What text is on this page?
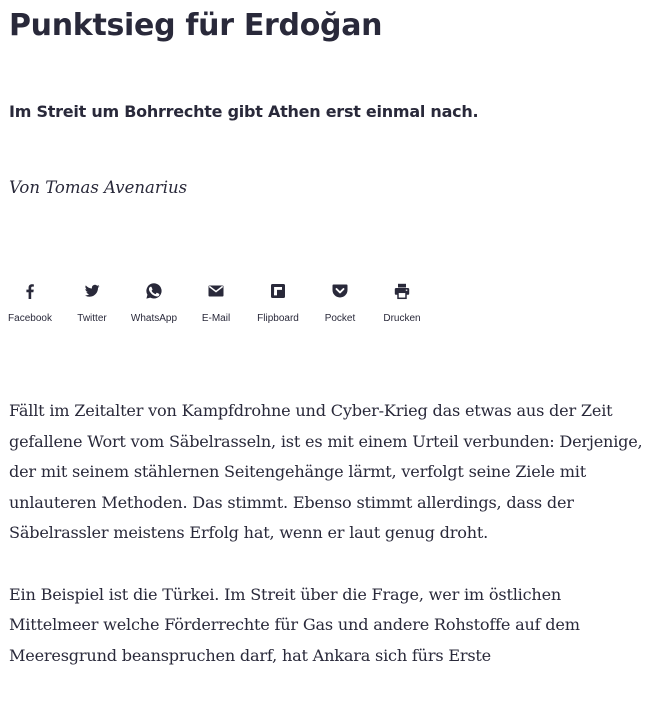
Punktsieg für Erdoğan
Im Streit um Bohrrechte gibt Athen erst einmal nach.

Von Tomas Avenarius

Facebook	Twitter	WhatsApp	E-Mail	Flipboard	Pocket	Drucken

Fällt im Zeitalter von Kampfdrohne und Cyber-Krieg das etwas aus der Zeit gefallene Wort vom Säbelrasseln, ist es mit einem Urteil verbunden: Derjenige, der mit seinem stählernen Seitengehänge lärmt, verfolgt seine Ziele mit unlauteren Methoden. Das stimmt. Ebenso stimmt allerdings, dass der Säbelrassler meistens Erfolg hat, wenn er laut genug droht.

Ein Beispiel ist die Türkei. Im Streit über die Frage, wer im östlichen Mittelmeer welche Förderrechte für Gas und andere Rohstoffe auf dem Meeresgrund beanspruchen darf, hat Ankara sich fürs Erste
